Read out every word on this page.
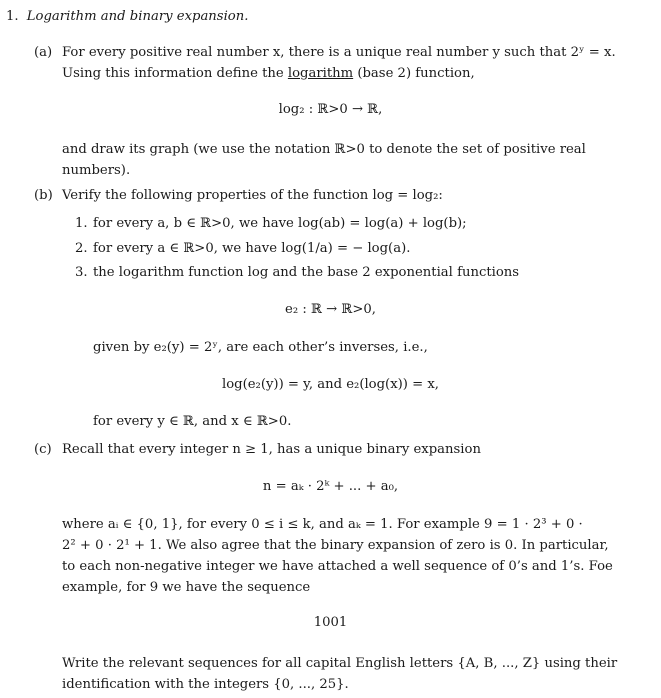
1. Logarithm and binary expansion.
(a) For every positive real number x, there is a unique real number y such that 2ʸ = x.
Using this information define the logarithm (base 2) function,
log₂ : ℝ>0 → ℝ,
and draw its graph (we use the notation ℝ>0 to denote the set of positive real
numbers).
(b) Verify the following properties of the function log = log₂:
1. for every a, b ∈ ℝ>0, we have log(ab) = log(a) + log(b);
2. for every a ∈ ℝ>0, we have log(1/a) = − log(a).
3. the logarithm function log and the base 2 exponential functions
e₂ : ℝ → ℝ>0,
given by e₂(y) = 2ʸ, are each other’s inverses, i.e.,
log(e₂(y)) = y, and e₂(log(x)) = x,
for every y ∈ ℝ, and x ∈ ℝ>0.
(c) Recall that every integer n ≥ 1, has a unique binary expansion
n = aₖ · 2ᵏ + ... + a₀,
where aᵢ ∈ {0, 1}, for every 0 ≤ i ≤ k, and aₖ = 1. For example 9 = 1 · 2³ + 0 ·
2² + 0 · 2¹ + 1. We also agree that the binary expansion of zero is 0. In particular,
to each non-negative integer we have attached a well sequence of 0’s and 1’s. Foe
example, for 9 we have the sequence
1001
Write the relevant sequences for all capital English letters {A, B, ..., Z} using their
identification with the integers {0, ..., 25}.
